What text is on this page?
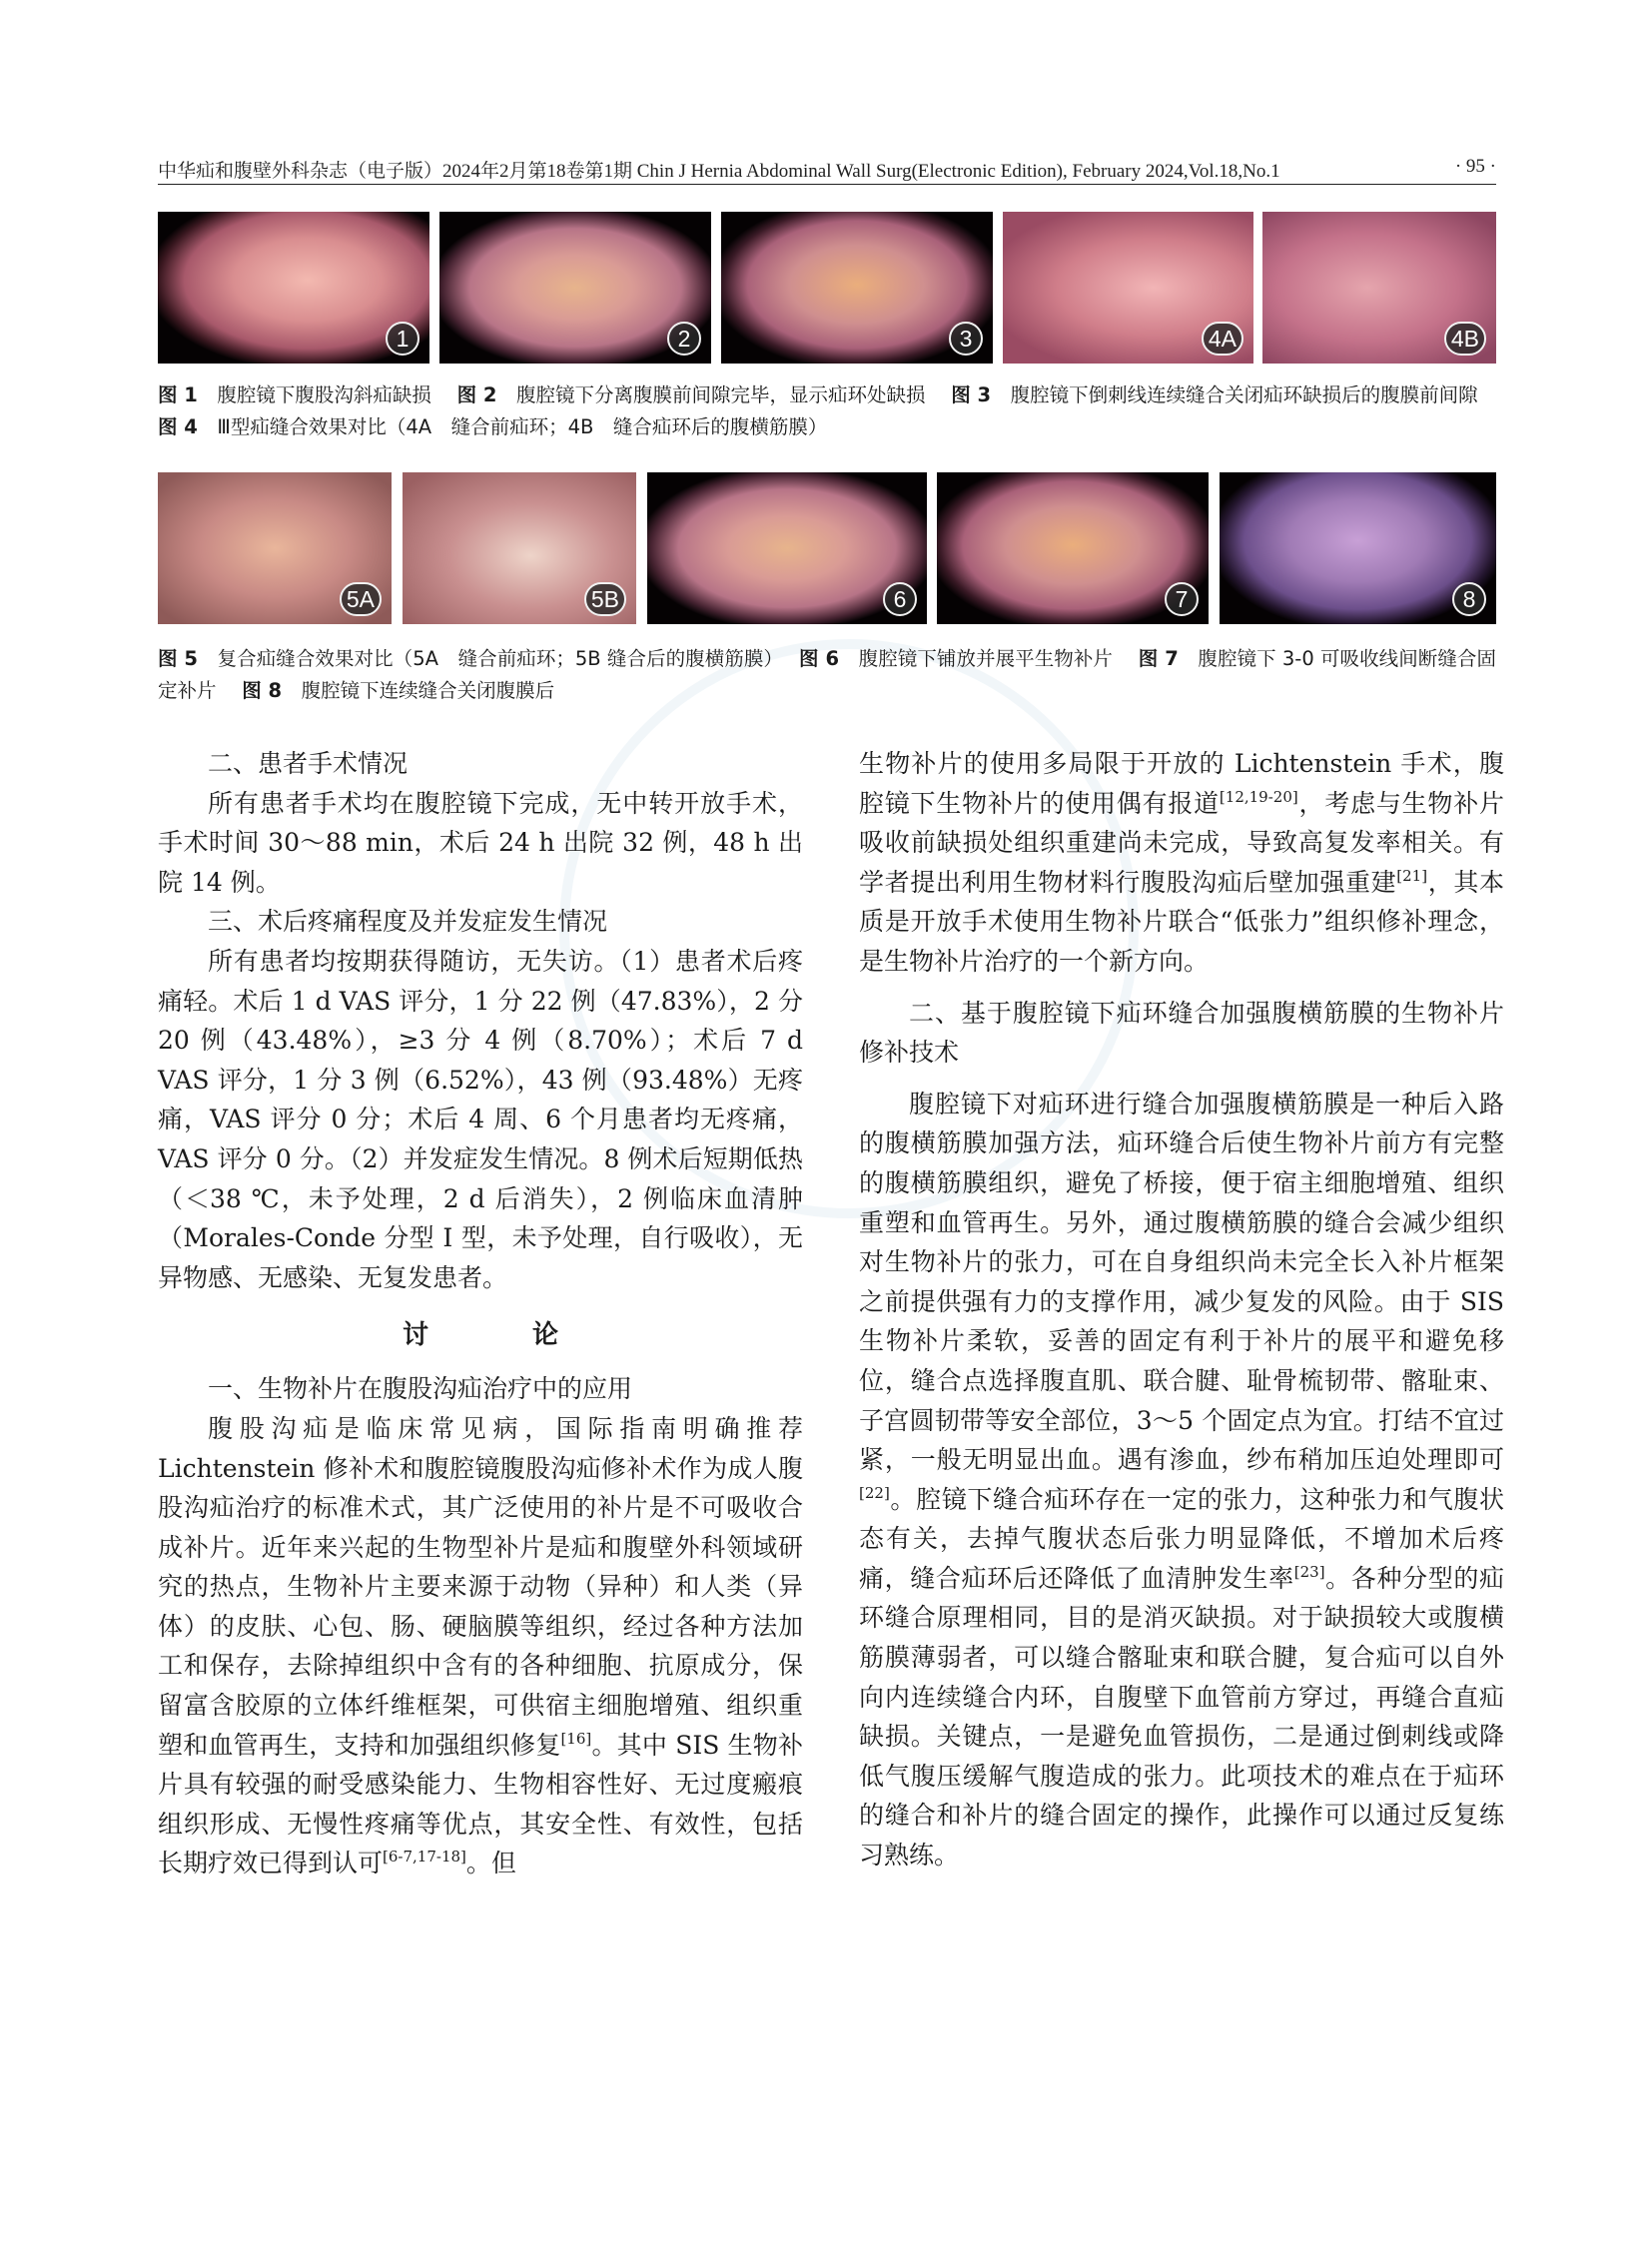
中华疝和腹壁外科杂志（电子版）2024年2月第18卷第1期 Chin J Hernia Abdominal Wall Surg(Electronic Edition), February 2024,Vol.18,No.1	· 95 ·
1	2	3	4A	4B
图 1　 腹腔镜下腹股沟斜疝缺损　 图 2　 腹腔镜下分离腹膜前间隙完毕，显示疝环处缺损　 图 3　 腹腔镜下倒刺线连续缝合关闭疝环缺损后的腹膜前间隙　 图 4　 Ⅲ型疝缝合效果对比（4A　缝合前疝环；4B　缝合疝环后的腹横筋膜）
5A	5B	6	7	8
图 5　 复合疝缝合效果对比（5A　缝合前疝环；5B 缝合后的腹横筋膜）　 图 6　 腹腔镜下铺放并展平生物补片　 图 7　 腹腔镜下 3-0 可吸收线间断缝合固定补片　 图 8　 腹腔镜下连续缝合关闭腹膜后
二、患者手术情况

所有患者手术均在腹腔镜下完成，无中转开放手术，手术时间 30～88 min，术后 24 h 出院 32 例，48 h 出院 14 例。

三、术后疼痛程度及并发症发生情况

所有患者均按期获得随访，无失访。（1）患者术后疼痛轻。术后 1 d VAS 评分，1 分 22 例（47.83%），2 分 20 例（43.48%），≥3 分 4 例（8.70%）；术后 7 d VAS 评分，1 分 3 例（6.52%），43 例（93.48%）无疼痛，VAS 评分 0 分；术后 4 周、6 个月患者均无疼痛，VAS 评分 0 分。（2）并发症发生情况。8 例术后短期低热（＜38 ℃，未予处理，2 d 后消失），2 例临床血清肿（Morales-Conde 分型 Ⅰ 型，未予处理，自行吸收），无异物感、无感染、无复发患者。

讨　论
一、生物补片在腹股沟疝治疗中的应用

腹股沟疝是临床常见病，国际指南明确推荐 Lichtenstein 修补术和腹腔镜腹股沟疝修补术作为成人腹股沟疝治疗的标准术式，其广泛使用的补片是不可吸收合成补片。近年来兴起的生物型补片是疝和腹壁外科领域研究的热点，生物补片主要来源于动物（异种）和人类（异体）的皮肤、心包、肠、硬脑膜等组织，经过各种方法加工和保存，去除掉组织中含有的各种细胞、抗原成分，保留富含胶原的立体纤维框架，可供宿主细胞增殖、组织重塑和血管再生，支持和加强组织修复[16]。其中 SIS 生物补片具有较强的耐受感染能力、生物相容性好、无过度瘢痕组织形成、无慢性疼痛等优点，其安全性、有效性，包括长期疗效已得到认可[6-7,17-18]。但

生物补片的使用多局限于开放的 Lichtenstein 手术，腹腔镜下生物补片的使用偶有报道[12,19-20]，考虑与生物补片吸收前缺损处组织重建尚未完成，导致高复发率相关。有学者提出利用生物材料行腹股沟疝后壁加强重建[21]，其本质是开放手术使用生物补片联合“低张力”组织修补理念，是生物补片治疗的一个新方向。

二、基于腹腔镜下疝环缝合加强腹横筋膜的生物补片修补技术

腹腔镜下对疝环进行缝合加强腹横筋膜是一种后入路的腹横筋膜加强方法，疝环缝合后使生物补片前方有完整的腹横筋膜组织，避免了桥接，便于宿主细胞增殖、组织重塑和血管再生。另外，通过腹横筋膜的缝合会减少组织对生物补片的张力，可在自身组织尚未完全长入补片框架之前提供强有力的支撑作用，减少复发的风险。由于 SIS 生物补片柔软，妥善的固定有利于补片的展平和避免移位，缝合点选择腹直肌、联合腱、耻骨梳韧带、髂耻束、子宫圆韧带等安全部位，3～5 个固定点为宜。打结不宜过紧，一般无明显出血。遇有渗血，纱布稍加压迫处理即可[22]。腔镜下缝合疝环存在一定的张力，这种张力和气腹状态有关，去掉气腹状态后张力明显降低，不增加术后疼痛，缝合疝环后还降低了血清肿发生率[23]。各种分型的疝环缝合原理相同，目的是消灭缺损。对于缺损较大或腹横筋膜薄弱者，可以缝合髂耻束和联合腱，复合疝可以自外向内连续缝合内环，自腹壁下血管前方穿过，再缝合直疝缺损。关键点，一是避免血管损伤，二是通过倒刺线或降低气腹压缓解气腹造成的张力。此项技术的难点在于疝环的缝合和补片的缝合固定的操作，此操作可以通过反复练习熟练。
